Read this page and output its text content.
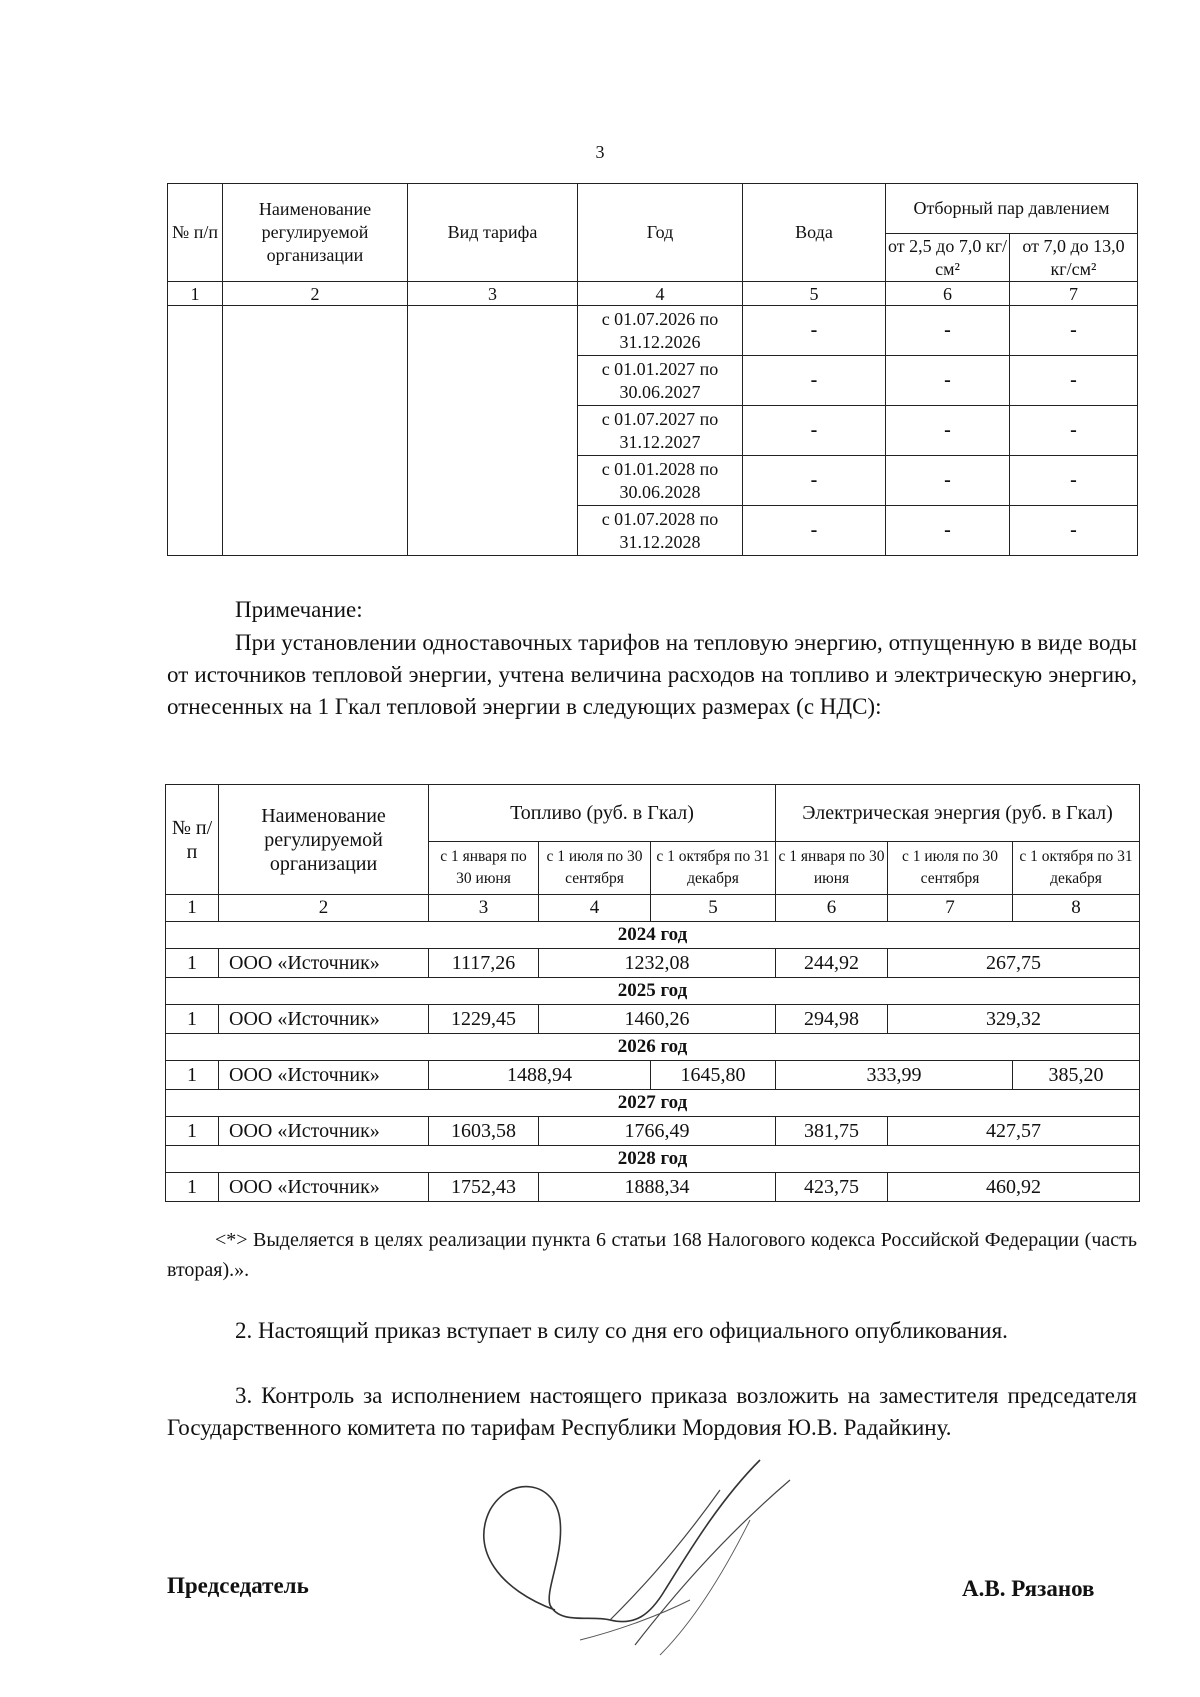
3
№ п/п	Наименование регулируемой организации	Вид тарифа	Год	Вода	Отборный пар давлением	
					от 2,5 до 7,0 кг/см²	от 7,0 до 13,0 кг/см²
1	2	3	4	5	6	7
			с 01.07.2026 по 31.12.2026	-	-	-
			с 01.01.2027 по 30.06.2027	-	-	-
			с 01.07.2027 по 31.12.2027	-	-	-
			с 01.01.2028 по 30.06.2028	-	-	-
			с 01.07.2028 по 31.12.2028	-	-	-
Примечание:
При установлении одноставочных тарифов на тепловую энергию, отпущенную в виде воды от источников тепловой энергии, учтена величина расходов на топливо и электрическую энергию, отнесенных на 1 Гкал тепловой энергии в следующих размерах (с НДС):
№ п/п	Наименование регулируемой организации	Топливо (руб. в Гкал)			Электрическая энергия (руб. в Гкал)		
		с 1 января по 30 июня	с 1 июля по 30 сентября	с 1 октября по 31 декабря	с 1 января по 30 июня	с 1 июля по 30 сентября	с 1 октября по 31 декабря
1	2	3	4	5	6	7	8
2024 год							
1	ООО «Источник»	1117,26	1232,08		244,92	267,75	
2025 год							
1	ООО «Источник»	1229,45	1460,26		294,98	329,32	
2026 год							
1	ООО «Источник»	1488,94		1645,80	333,99		385,20
2027 год							
1	ООО «Источник»	1603,58	1766,49		381,75	427,57	
2028 год							
1	ООО «Источник»	1752,43	1888,34		423,75	460,92	
<*> Выделяется в целях реализации пункта 6 статьи 168 Налогового кодекса Российской Федерации (часть вторая).».
2. Настоящий приказ вступает в силу со дня его официального опубликования.
3. Контроль за исполнением настоящего приказа возложить на заместителя председателя Государственного комитета по тарифам Республики Мордовия Ю.В. Радайкину.
Председатель	А.В. Рязанов
